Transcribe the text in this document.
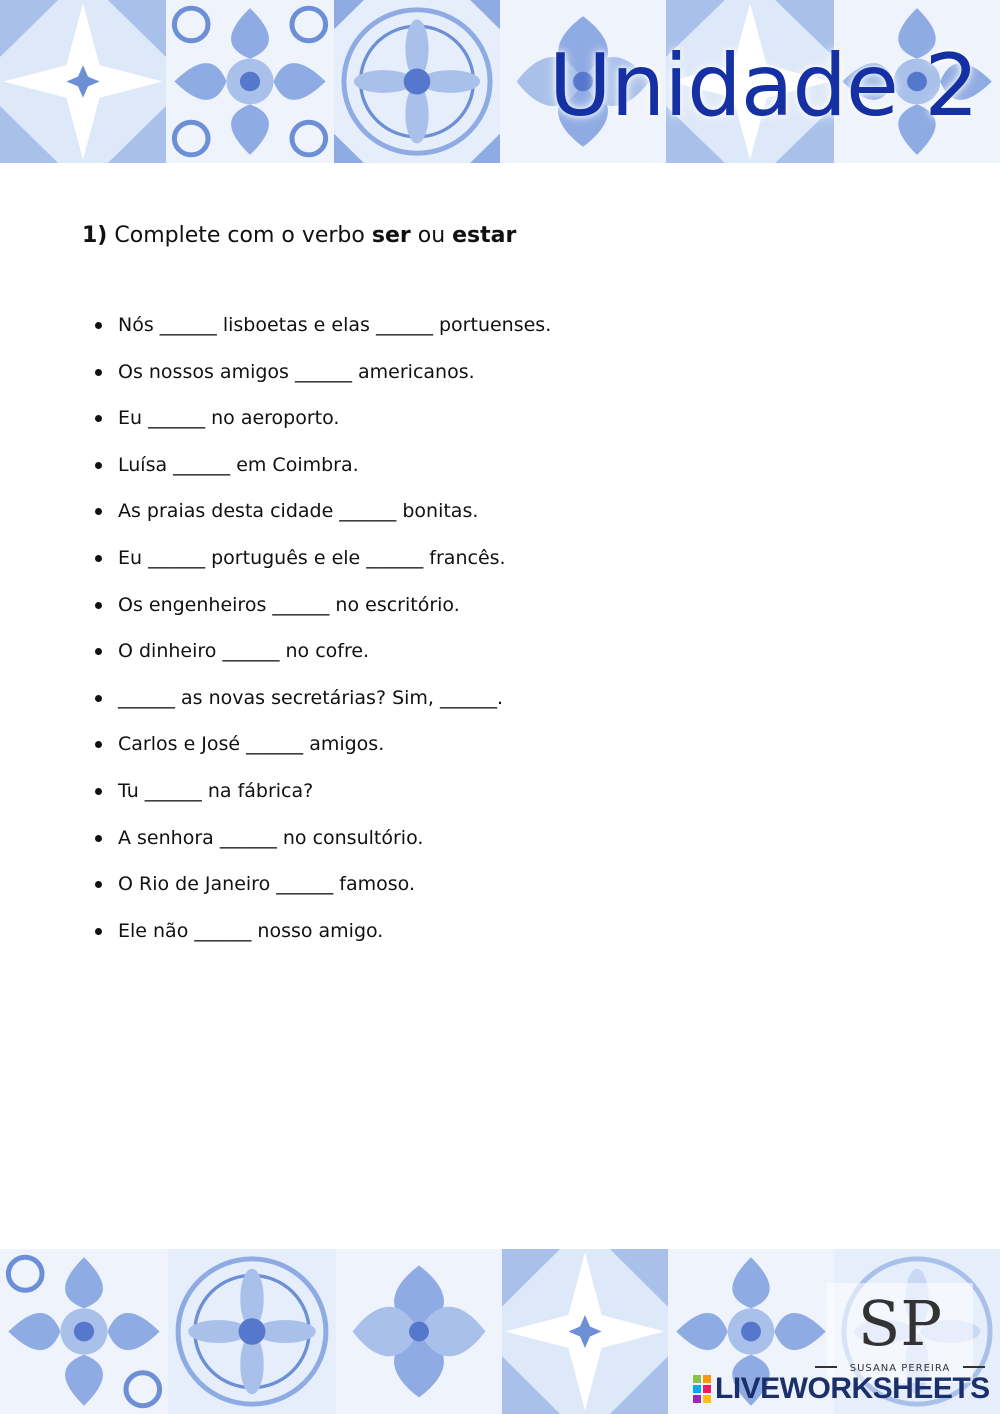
Unidade 2
1) Complete com o verbo ser ou estar
Nós ______ lisboetas e elas ______ portuenses.
Os nossos amigos ______ americanos.
Eu ______ no aeroporto.
Luísa ______ em Coimbra.
As praias desta cidade ______ bonitas.
Eu ______ português e ele ______ francês.
Os engenheiros ______ no escritório.
O dinheiro ______ no cofre.
______ as novas secretárias? Sim, ______.
Carlos e José ______ amigos.
Tu ______ na fábrica?
A senhora ______ no consultório.
O Rio de Janeiro ______ famoso.
Ele não ______ nosso amigo.
SP
SUSANA PEREIRA
LIVEWORKSHEETS
